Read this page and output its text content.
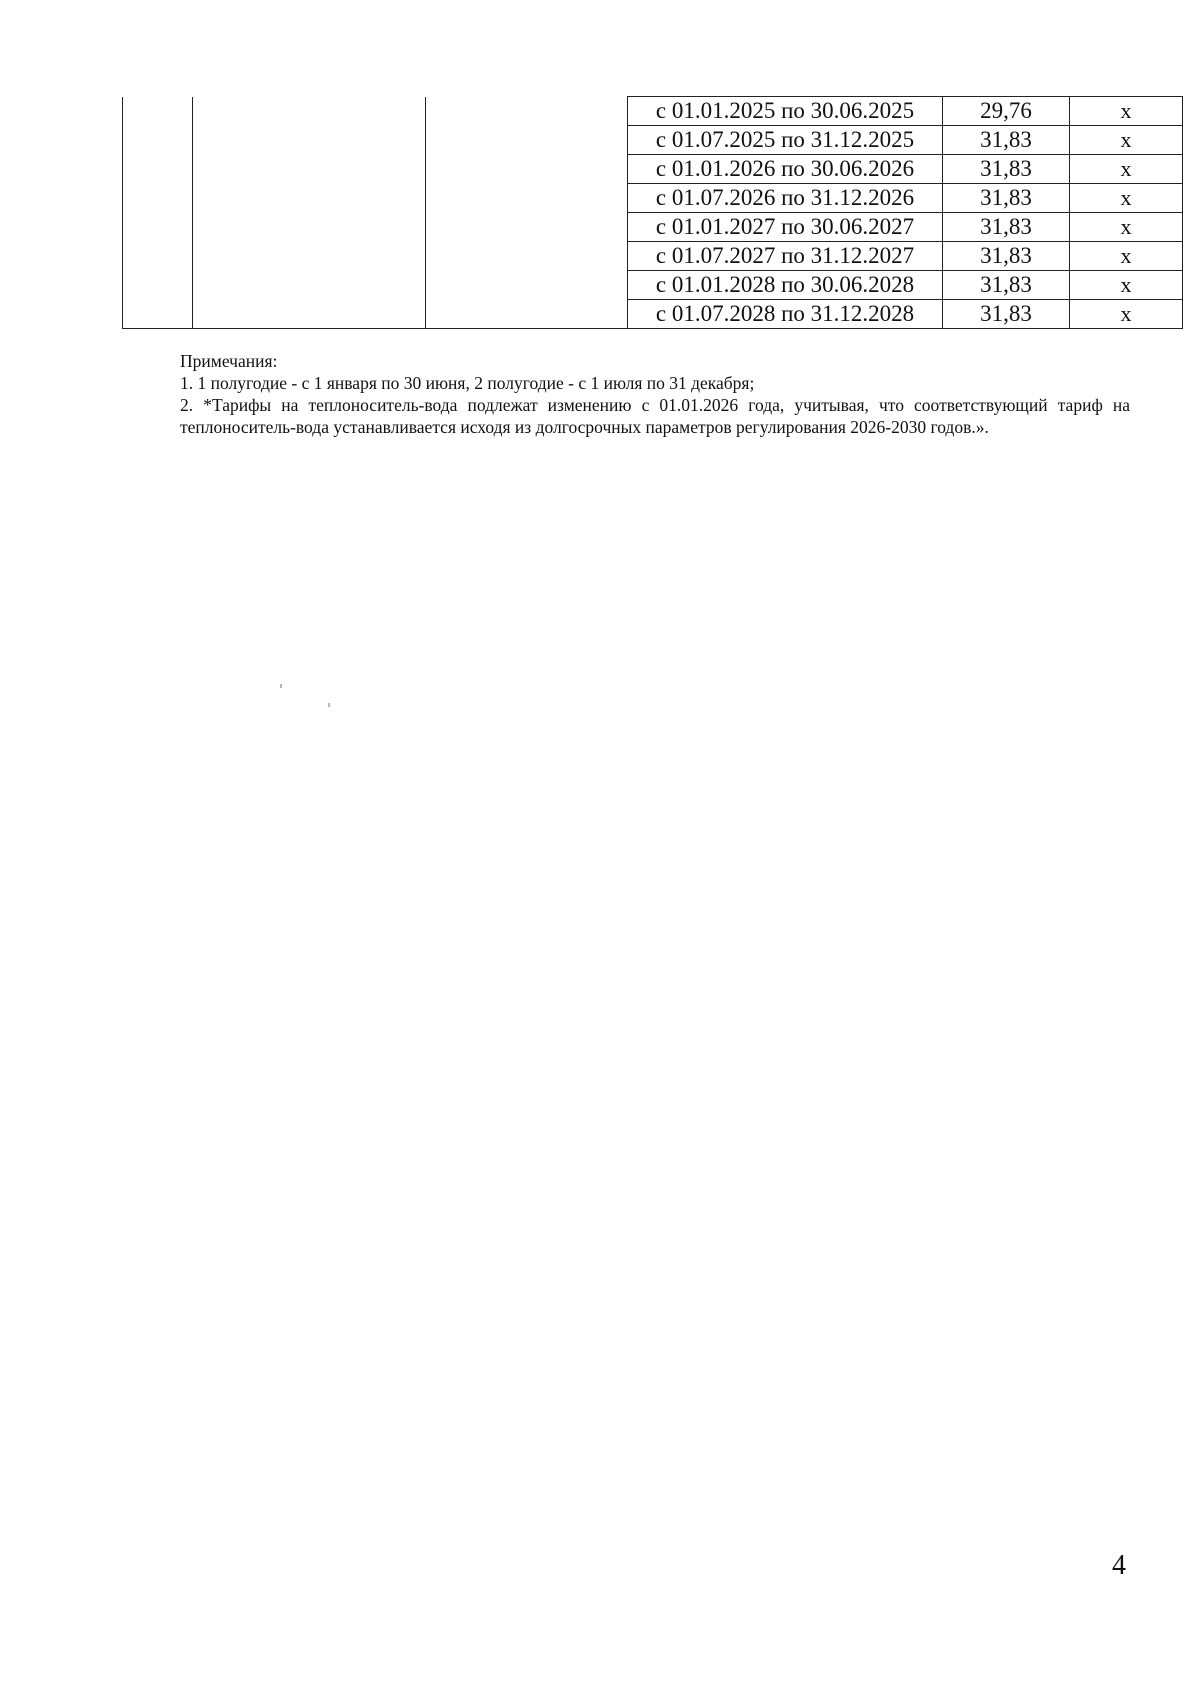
			с 01.01.2025 по 30.06.2025	29,76	x
			с 01.07.2025 по 31.12.2025	31,83	x
			с 01.01.2026 по 30.06.2026	31,83	x
			с 01.07.2026 по 31.12.2026	31,83	x
			с 01.01.2027 по 30.06.2027	31,83	x
			с 01.07.2027 по 31.12.2027	31,83	x
			с 01.01.2028 по 30.06.2028	31,83	x
			с 01.07.2028 по 31.12.2028	31,83	x

Примечания:

1. 1 полугодие - с 1 января по 30 июня, 2 полугодие - с 1 июля по 31 декабря;

2. *Тарифы на теплоноситель-вода подлежат изменению с 01.01.2026 года, учитывая, что соответствующий тариф на теплоноситель-вода устанавливается исходя из долгосрочных параметров регулирования 2026-2030 годов.».

4
